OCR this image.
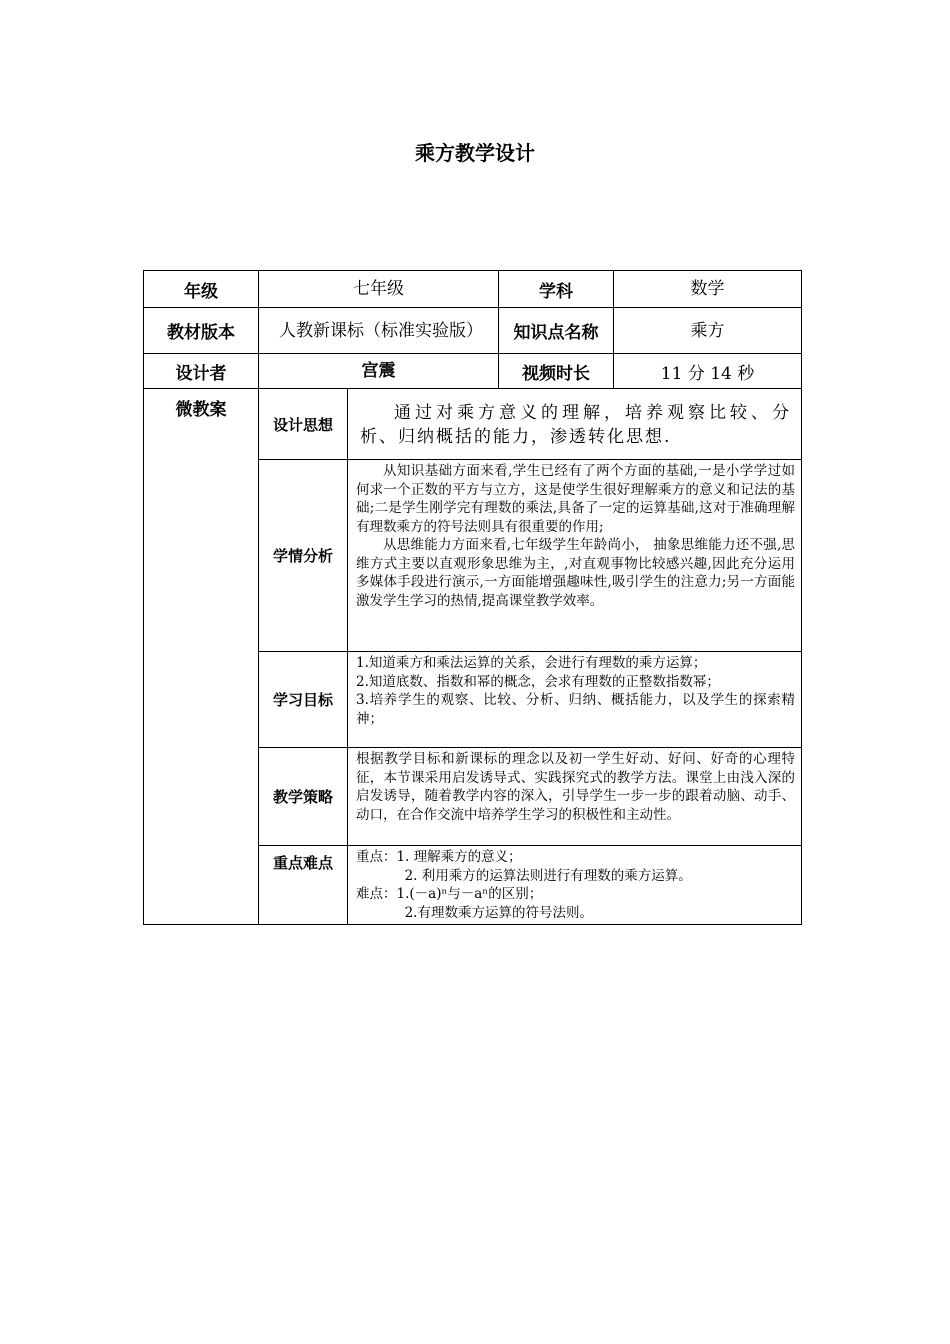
乘方教学设计
年级	七年级		学科	数学
教材版本	人教新课标（标准实验版）		知识点名称	乘方
设计者	宫震		视频时长	11 分 14 秒
微教案	设计思想	通过对乘方意义的理解，培养观察比较、分析、归纳概括的能力，渗透转化思想.		

	学情分析	从知识基础方面来看,学生已经有了两个方面的基础,一是小学学过如何求一个正数的平方与立方，这是使学生很好理解乘方的意义和记法的基础;二是学生刚学完有理数的乘法,具备了一定的运算基础,这对于准确理解有理数乘方的符号法则具有很重要的作用;

从思维能力方面来看,七年级学生年龄尚小， 抽象思维能力还不强,思维方式主要以直观形象思维为主，,对直观事物比较感兴趣,因此充分运用多媒体手段进行演示,一方面能增强趣味性,吸引学生的注意力;另一方面能激发学生学习的热情,提高课堂教学效率。		

	学习目标	1.知道乘方和乘法运算的关系，会进行有理数的乘方运算；

2.知道底数、指数和幂的概念，会求有理数的正整数指数幂；

3.培养学生的观察、比较、分析、归纳、概括能力，以及学生的探索精神；		

	教学策略	根据教学目标和新课标的理念以及初一学生好动、好问、好奇的心理特征，本节课采用启发诱导式、实践探究式的教学方法。课堂上由浅入深的启发诱导，随着教学内容的深入，引导学生一步一步的跟着动脑、动手、动口，在合作交流中培养学生学习的积极性和主动性。		

	重点难点	重点：1. 理解乘方的意义；

2. 利用乘方的运算法则进行有理数的乘方运算。

难点：1.(－a)ⁿ与－aⁿ的区别；

2.有理数乘方运算的符号法则。		
